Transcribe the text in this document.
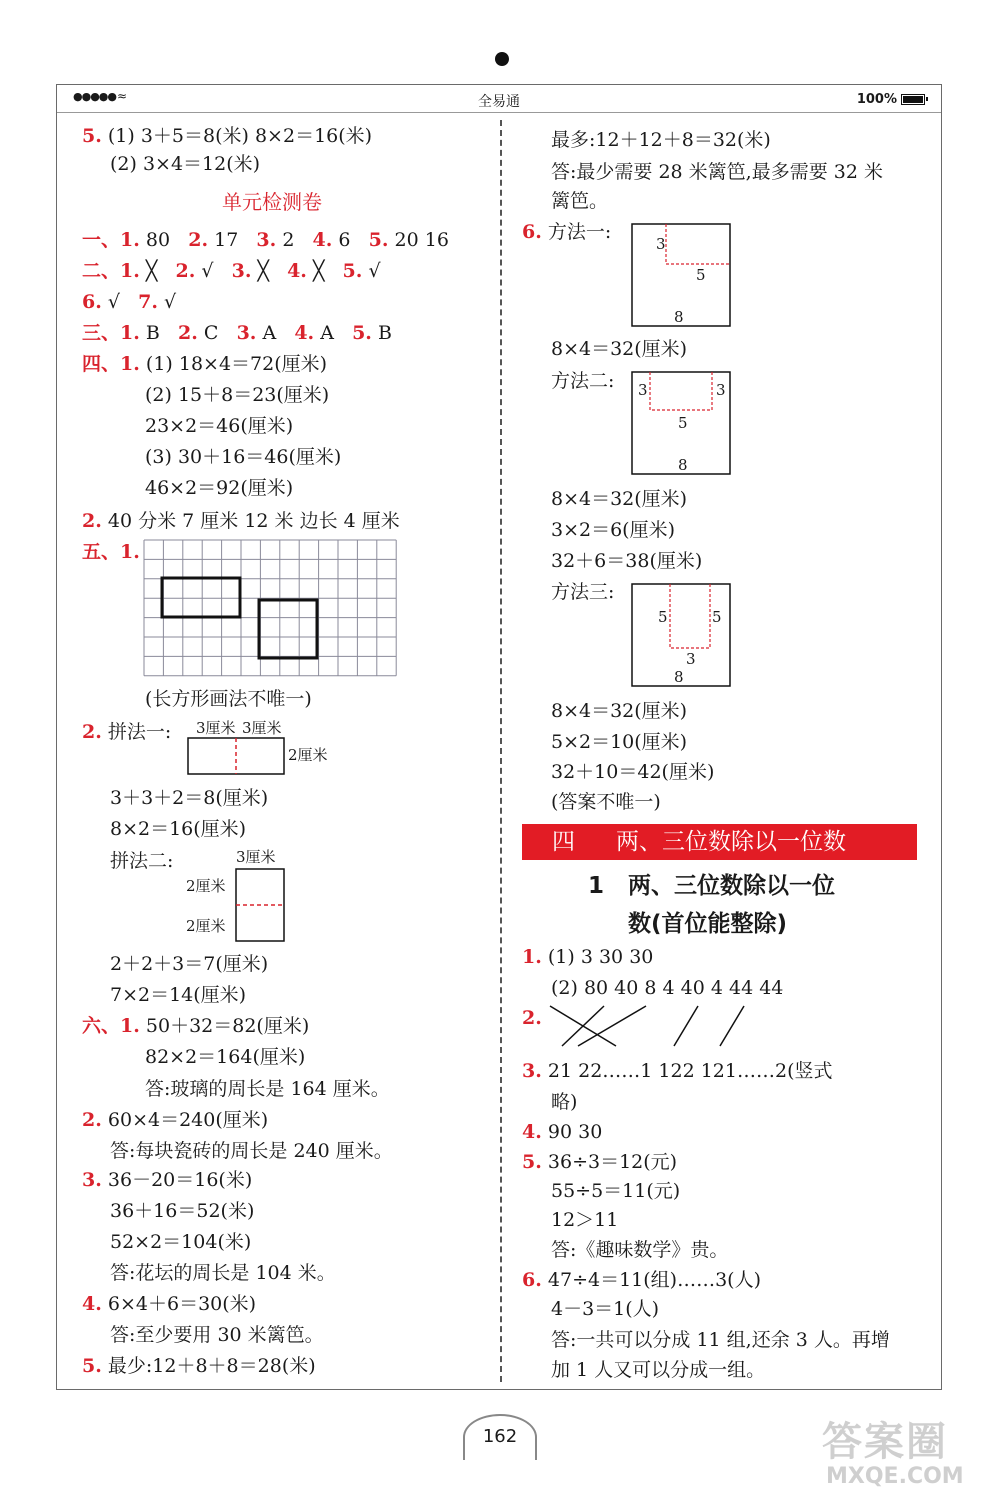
●●●●● ≈	全易通	100%
5. (1) 3＋5＝8(米) 8×2＝16(米)
(2) 3×4＝12(米)
单元检测卷
一、1. 80 2. 17 3. 2 4. 6 5. 20 16
二、1. ╳ 2. √ 3. ╳ 4. ╳ 5. √
6. √ 7. √
三、1. B 2. C 3. A 4. A 5. B
四、1. (1) 18×4＝72(厘米)
(2) 15＋8＝23(厘米)
23×2＝46(厘米)
(3) 30＋16＝46(厘米)
46×2＝92(厘米)
2. 40 分米 7 厘米 12 米 边长 4 厘米
五、1.
(长方形画法不唯一)
2. 拼法一: 3厘米 3厘米
2厘米
3＋3＋2＝8(厘米)
8×2＝16(厘米)
拼法二:	3厘米
2厘米
2厘米
2＋2＋3＝7(厘米)
7×2＝14(厘米)
六、1. 50＋32＝82(厘米)
82×2＝164(厘米)
答:玻璃的周长是 164 厘米。
2. 60×4＝240(厘米)
答:每块瓷砖的周长是 240 厘米。
3. 36－20＝16(米)
36＋16＝52(米)
52×2＝104(米)
答:花坛的周长是 104 米。
4. 6×4＋6＝30(米)
答:至少要用 30 米篱笆。
5. 最少:12＋8＋8＝28(米)
最多:12＋12＋8＝32(米)
答:最少需要 28 米篱笆,最多需要 32 米
篱笆。
6. 方法一:
3
5
8
8×4＝32(厘米)
方法二: 3	3
5
8
8×4＝32(厘米)
3×2＝6(厘米)
32＋6＝38(厘米)
方法三:
5	5
3
8
8×4＝32(厘米)
5×2＝10(厘米)
32＋10＝42(厘米)
(答案不唯一)
四 两、三位数除以一位数
1 两、三位数除以一位
数(首位能整除)
1. (1) 3 30 30
(2) 80 40 8 4 40 4 44 44
2.
3. 21 22……1 122 121……2(竖式
略)
4. 90 30
5. 36÷3＝12(元)
55÷5＝11(元)
12＞11
答:《趣味数学》贵。
6. 47÷4＝11(组)……3(人)
4－3＝1(人)
答:一共可以分成 11 组,还余 3 人。再增
加 1 人又可以分成一组。
162	答案圈
MXQE.COM
